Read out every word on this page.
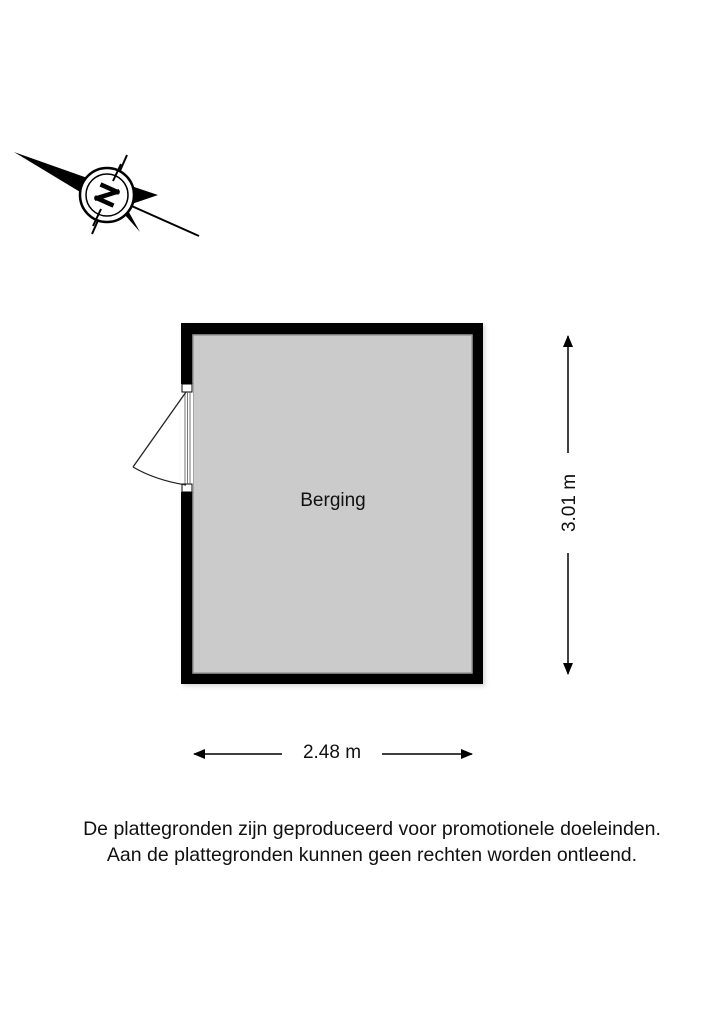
Berging
2.48 m
3.01 m
De plattegronden zijn geproduceerd voor promotionele doeleinden.
Aan de plattegronden kunnen geen rechten worden ontleend.
